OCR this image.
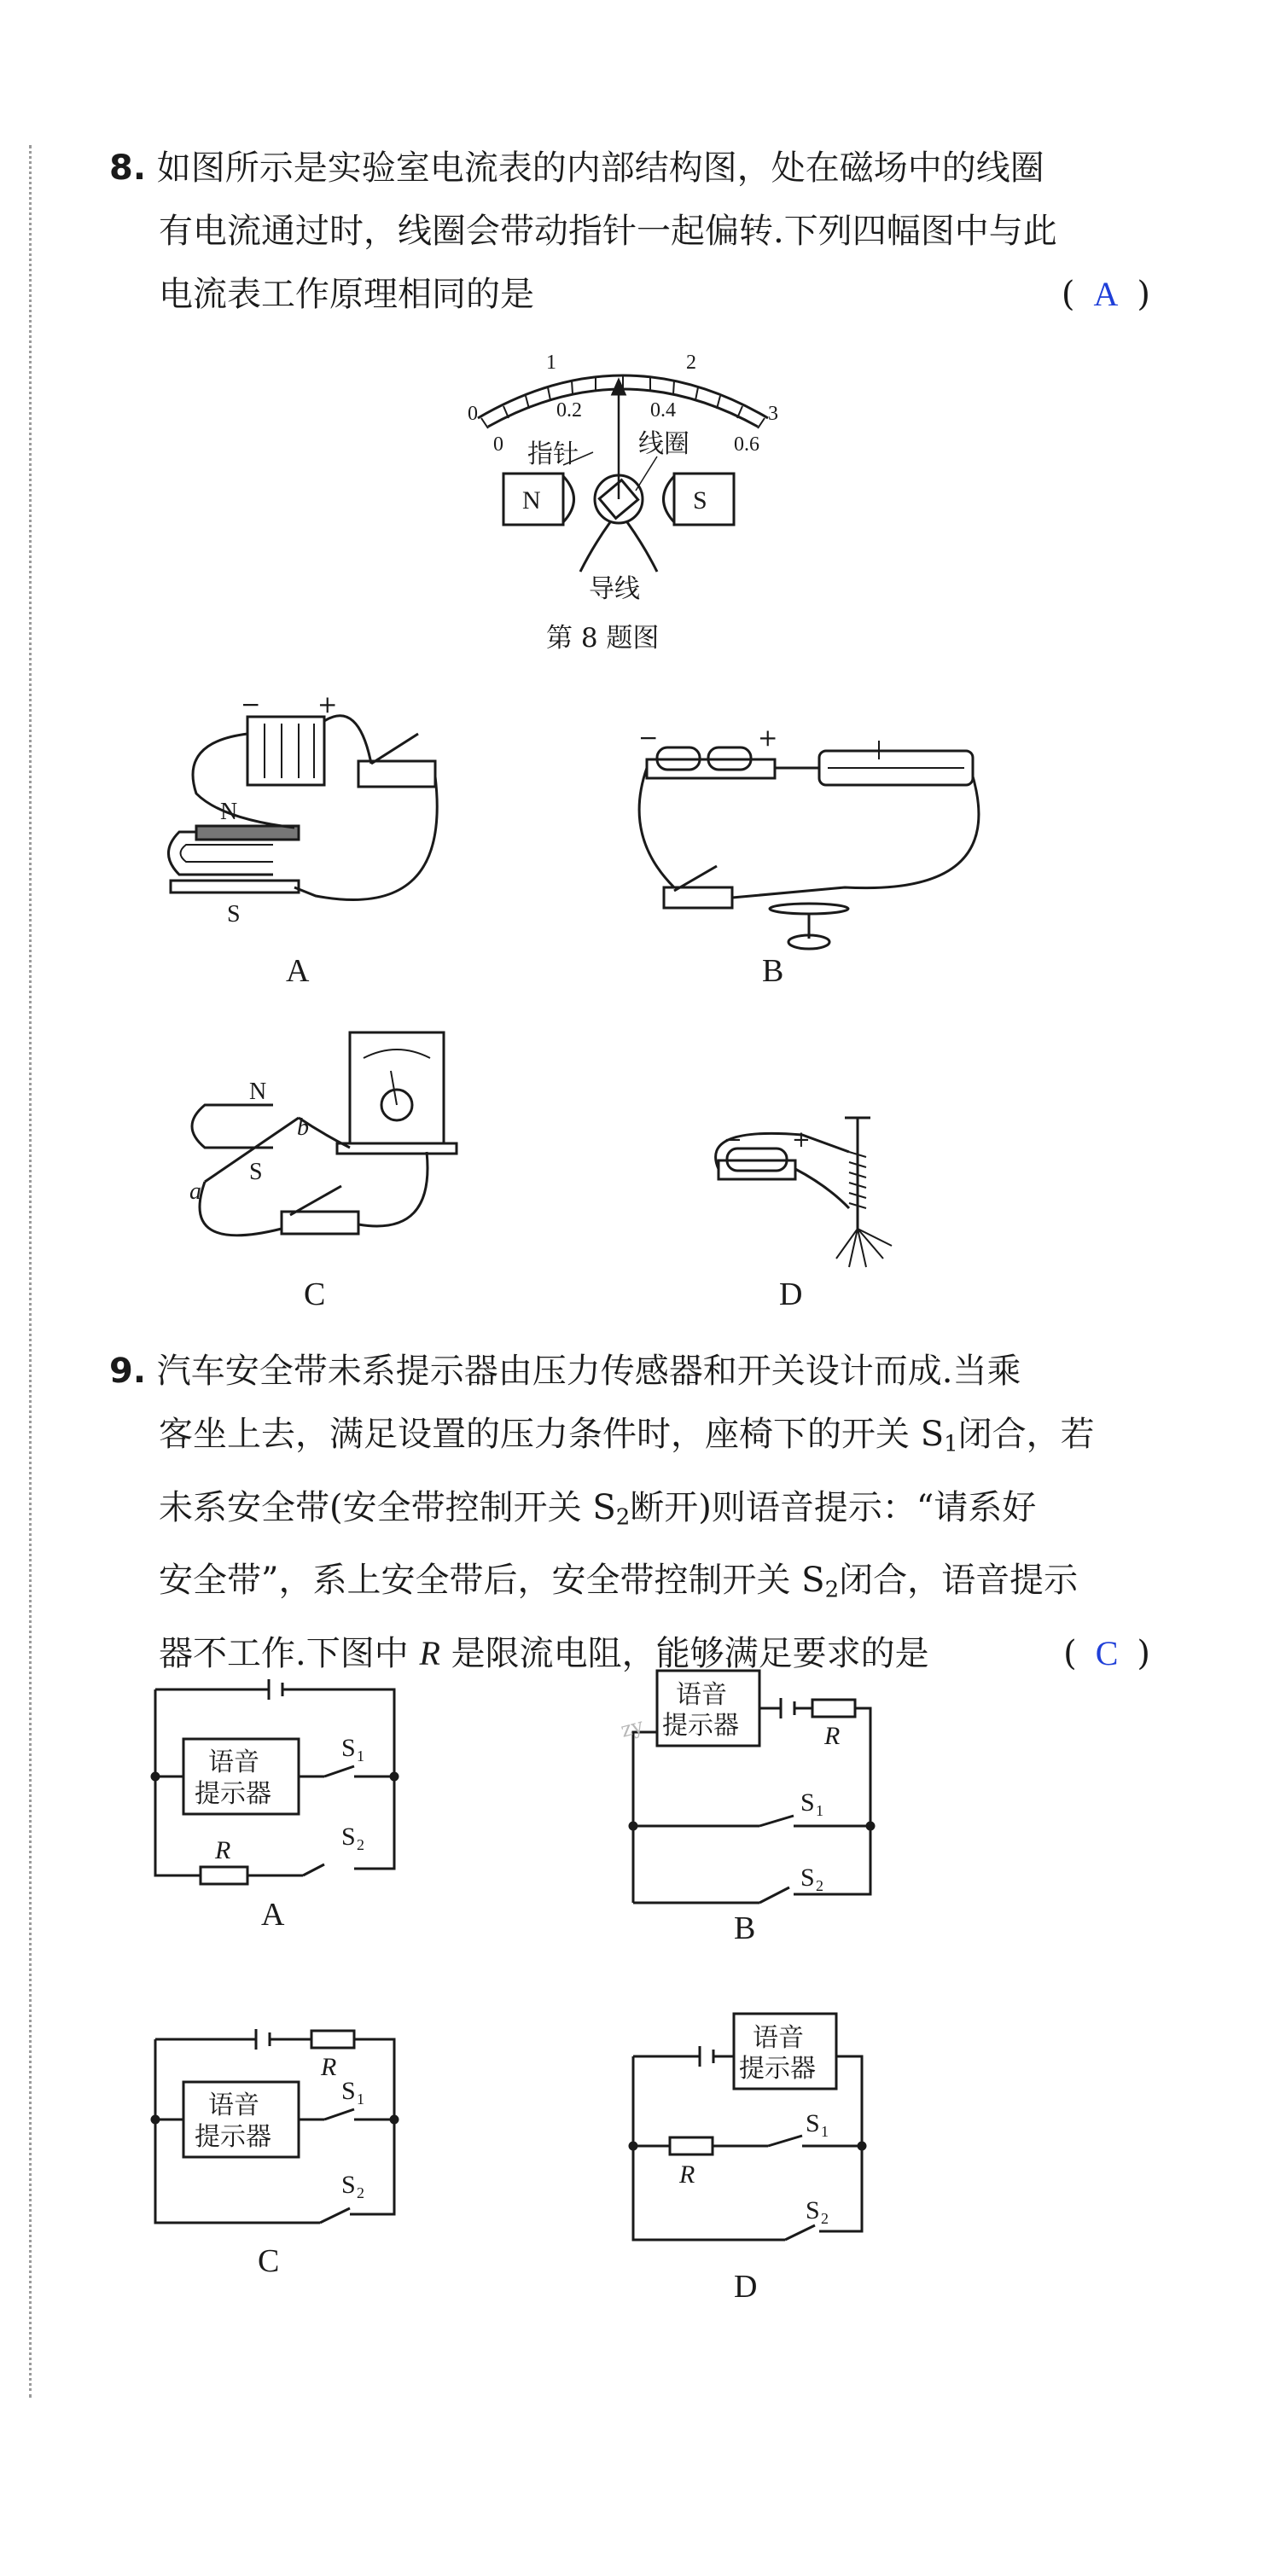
8. 如图所示是实验室电流表的内部结构图，处在磁场中的线圈
有电流通过时，线圈会带动指针一起偏转.下列四幅图中与此
电流表工作原理相同的是	( A )
0
1	2
3
0
0.2	0.4
0.6
指针 线圈
N	S
导线
第 8 题图
− +
N
S
A
−	+
B
N
S
a
b
C
− +
D
9. 汽车安全带未系提示器由压力传感器和开关设计而成.当乘
客坐上去，满足设置的压力条件时，座椅下的开关 $S_1$闭合，若
未系安全带(安全带控制开关 $S_2$断开)则语音提示：“请系好
安全带”，系上安全带后，安全带控制开关 $S_2$闭合，语音提示
器不工作.下图中 R 是限流电阻，能够满足要求的是	( C )
语音
提示器
R
S 1
S 2
A
语音
提示器	R
S 1
S 2
zy
B
语音
提示器
R
S 1
S 2
C
语音
提示器
R
S 1
S 2
D
